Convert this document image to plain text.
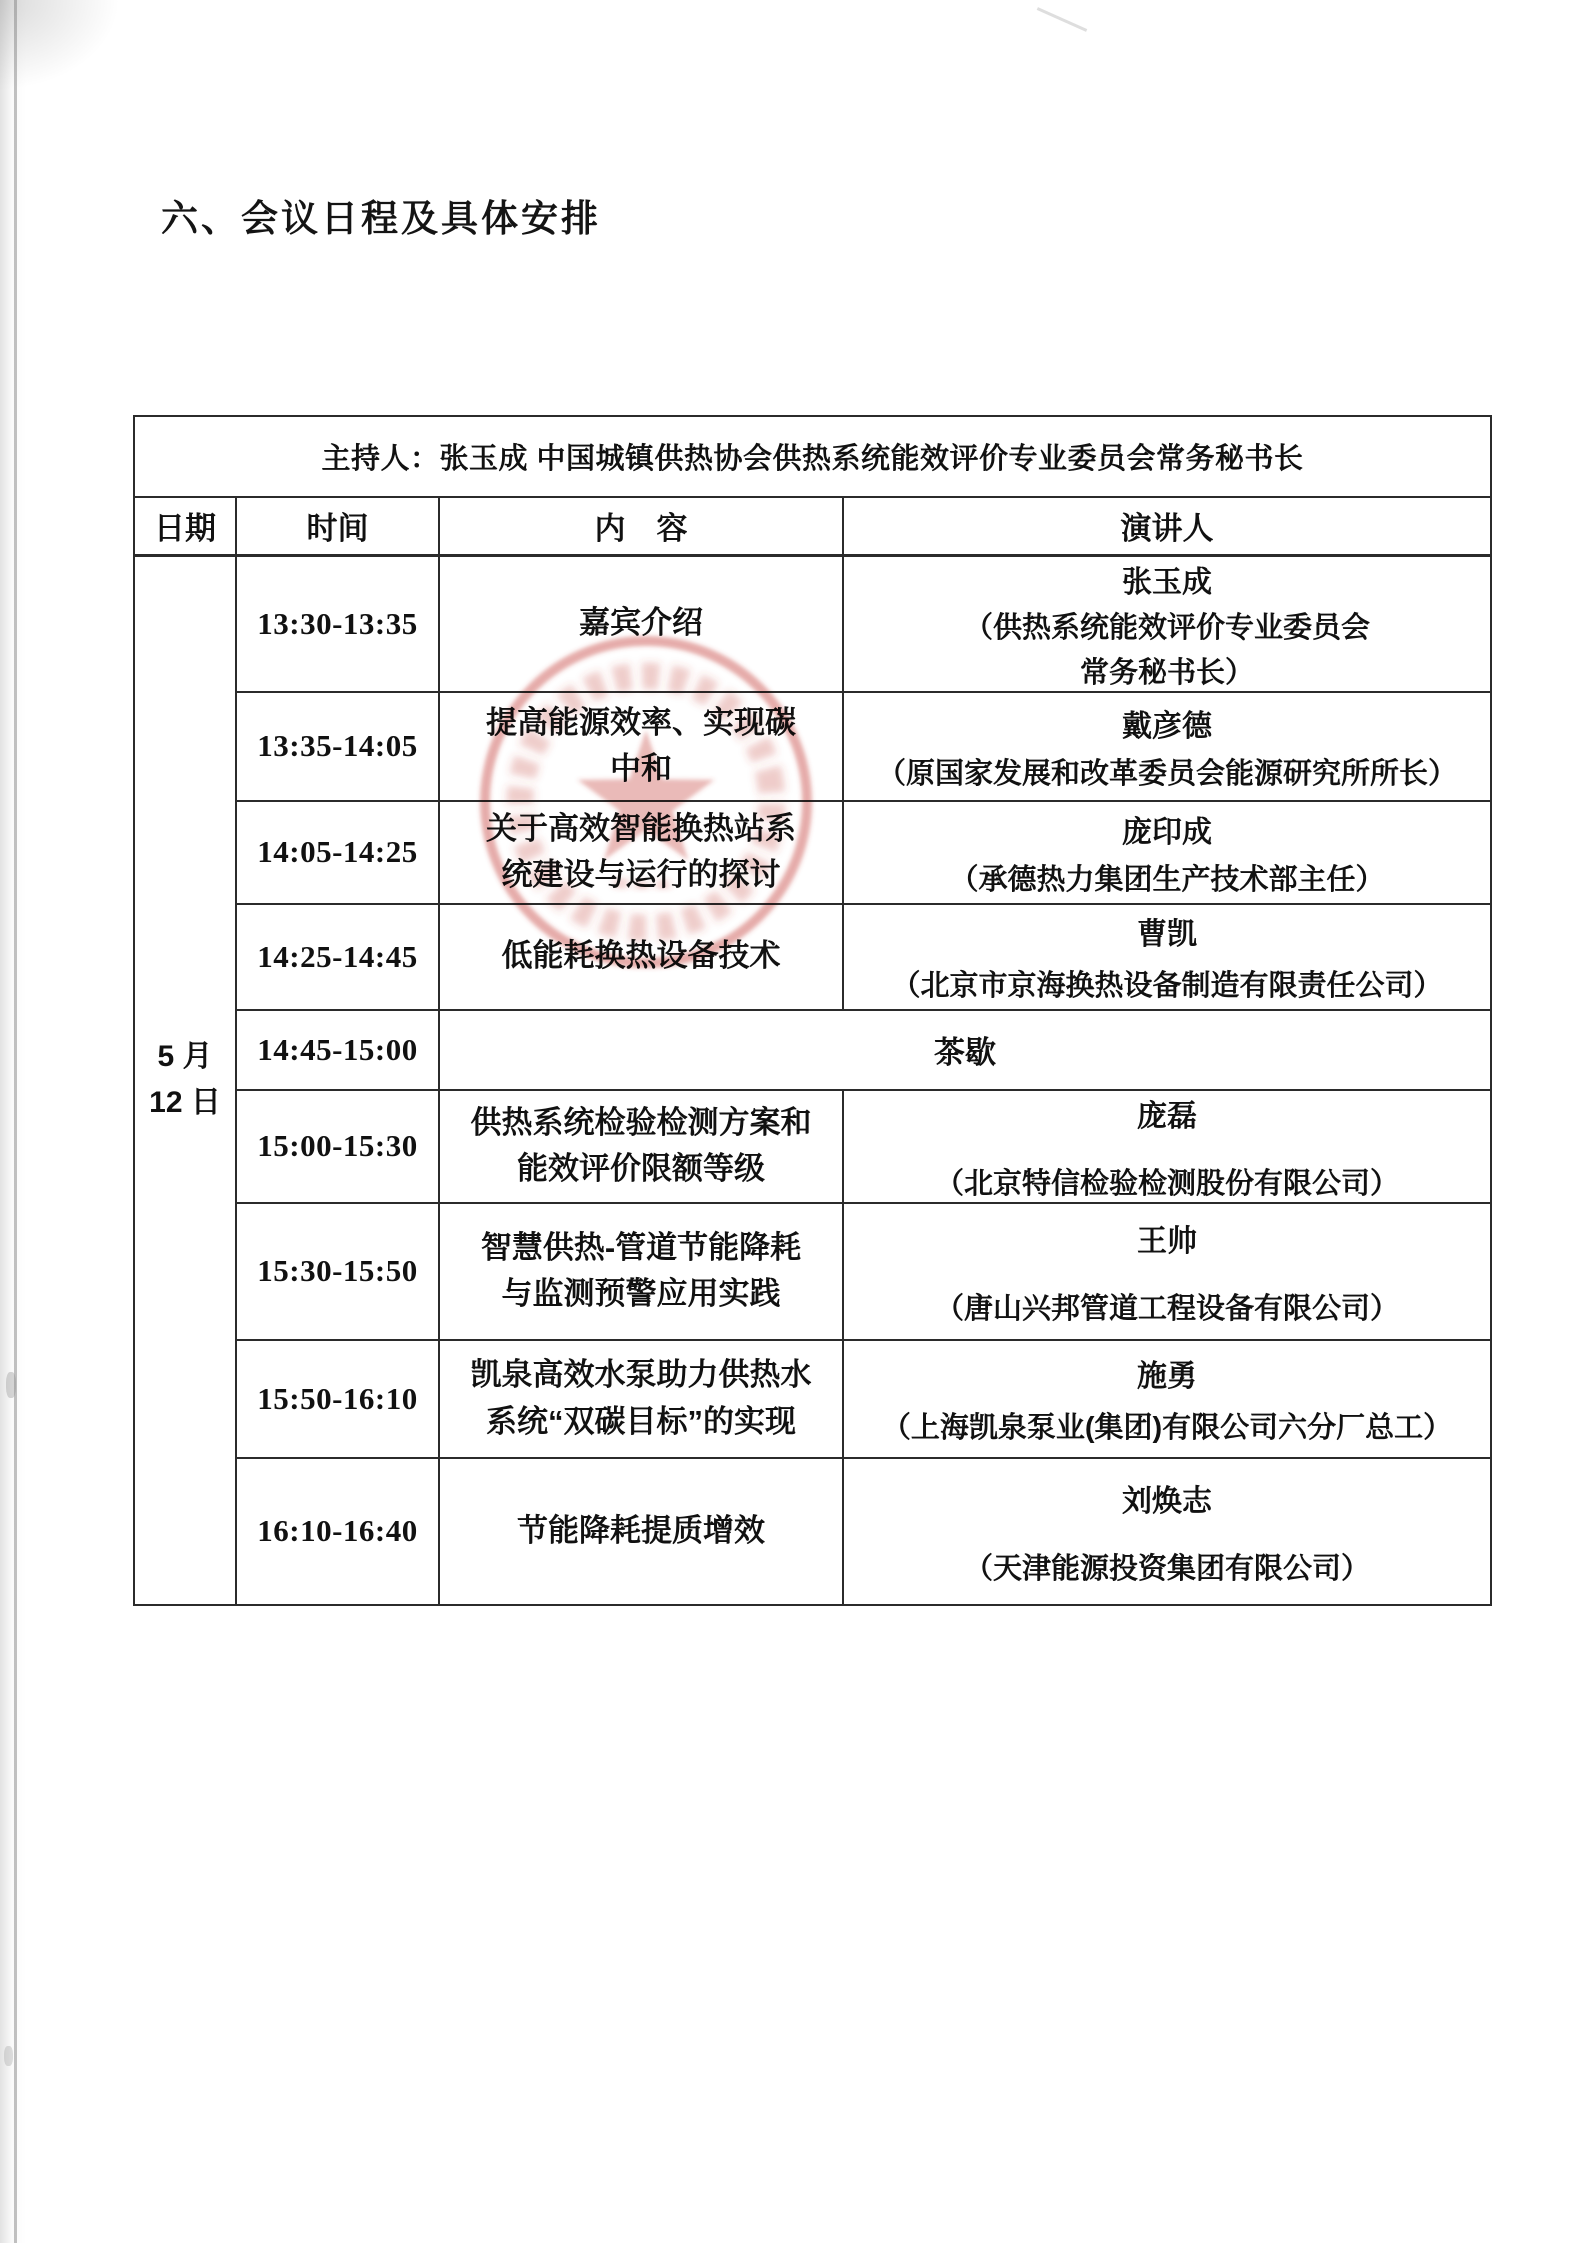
六、会议日程及具体安排
主持人：张玉成 中国城镇供热协会供热系统能效评价专业委员会常务秘书长			
日期	时间	内　容	演讲人
5 月
12 日	13:30-13:35	嘉宾介绍	张玉成
（供热系统能效评价专业委员会
常务秘书长）

	13:35-14:05	提高能源效率、实现碳
中和	戴彦德
（原国家发展和改革委员会能源研究所所长）

	14:05-14:25	关于高效智能换热站系
统建设与运行的探讨	庞印成
（承德热力集团生产技术部主任）

	14:25-14:45	低能耗换热设备技术	曹凯
（北京市京海换热设备制造有限责任公司）

	14:45-15:00	茶歇	
	15:00-15:30	供热系统检验检测方案和
能效评价限额等级	庞磊
（北京特信检验检测股份有限公司）

	15:30-15:50	智慧供热-管道节能降耗
与监测预警应用实践	王帅
（唐山兴邦管道工程设备有限公司）

	15:50-16:10	凯泉高效水泵助力供热水
系统“双碳目标”的实现	施勇
（上海凯泉泵业(集团)有限公司六分厂总工）

	16:10-16:40	节能降耗提质增效	刘焕志
（天津能源投资集团有限公司）
